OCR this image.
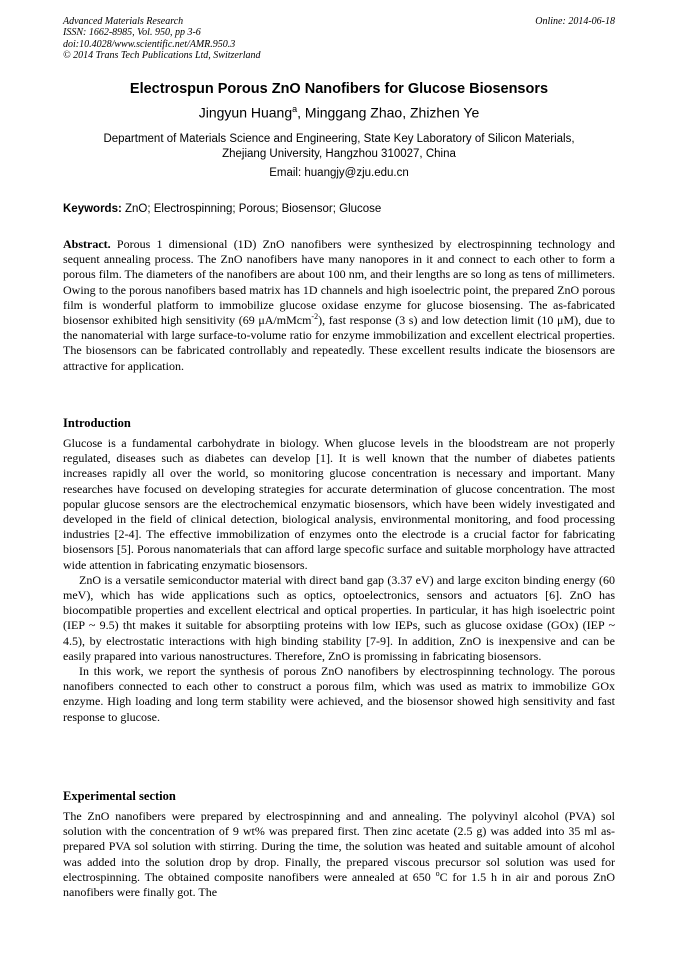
Advanced Materials Research
ISSN: 1662-8985, Vol. 950, pp 3-6
doi:10.4028/www.scientific.net/AMR.950.3
© 2014 Trans Tech Publications Ltd, Switzerland
Online: 2014-06-18
Electrospun Porous ZnO Nanofibers for Glucose Biosensors
Jingyun Huang$^a$, Minggang Zhao, Zhizhen Ye
Department of Materials Science and Engineering, State Key Laboratory of Silicon Materials,
Zhejiang University, Hangzhou 310027, China
Email: huangjy@zju.edu.cn
Keywords: ZnO; Electrospinning; Porous; Biosensor; Glucose
Abstract. Porous 1 dimensional (1D) ZnO nanofibers were synthesized by electrospinning technology and sequent annealing process. The ZnO nanofibers have many nanopores in it and connect to each other to form a porous film. The diameters of the nanofibers are about 100 nm, and their lengths are so long as tens of millimeters. Owing to the porous nanofibers based matrix has 1D channels and high isoelectric point, the prepared ZnO porous film is wonderful platform to immobilize glucose oxidase enzyme for glucose biosensing. The as-fabricated biosensor exhibited high sensitivity (69 μA/mMcm$^{-2}$), fast response (3 s) and low detection limit (10 μM), due to the nanomaterial with large surface-to-volume ratio for enzyme immobilization and excellent electrical properties. The biosensors can be fabricated controllably and repeatedly. These excellent results indicate the biosensors are attractive for application.
Introduction

Glucose is a fundamental carbohydrate in biology. When glucose levels in the bloodstream are not properly regulated, diseases such as diabetes can develop [1]. It is well known that the number of diabetes patients increases rapidly all over the world, so monitoring glucose concentration is necessary and important. Many researches have focused on developing strategies for accurate determination of glucose concentration. The most popular glucose sensors are the electrochemical enzymatic biosensors, which have been widely investigated and developed in the field of clinical detection, biological analysis, environmental monitoring, and food processing industries [2-4]. The effective immobilization of enzymes onto the electrode is a crucial factor for fabricating biosensors [5]. Porous nanomaterials that can afford large specofic surface and suitable morphology have attracted wide attention in fabricating enzymatic biosensors.

ZnO is a versatile semiconductor material with direct band gap (3.37 eV) and large exciton binding energy (60 meV), which has wide applications such as optics, optoelectronics, sensors and actuators [6]. ZnO has biocompatible properties and excellent electrical and optical properties. In particular, it has high isoelectric point (IEP ~ 9.5) tht makes it suitable for absorptiing proteins with low IEPs, such as glucose oxidase (GOx) (IEP ~ 4.5), by electrostatic interactions with high binding stability [7-9]. In addition, ZnO is inexpensive and can be easily prapared into various nanostructures. Therefore, ZnO is promissing in fabricating biosensors.

In this work, we report the synthesis of porous ZnO nanofibers by electrospinning technology. The porous nanofibers connected to each other to construct a porous film, which was used as matrix to immobilize GOx enzyme. High loading and long term stability were achieved, and the biosensor showed high sensitivity and fast response to glucose.

Experimental section
The ZnO nanofibers were prepared by electrospinning and and annealing. The polyvinyl alcohol (PVA) sol solution with the concentration of 9 wt% was prepared first. Then zinc acetate (2.5 g) was added into 35 ml as-prepared PVA sol solution with stirring. During the time, the solution was heated and suitable amount of alcohol was added into the solution drop by drop. Finally, the prepared viscous precursor sol solution was used for electrospinning. The obtained composite nanofibers were annealed at 650 $^o$C for 1.5 h in air and porous ZnO nanofibers were finally got. The
